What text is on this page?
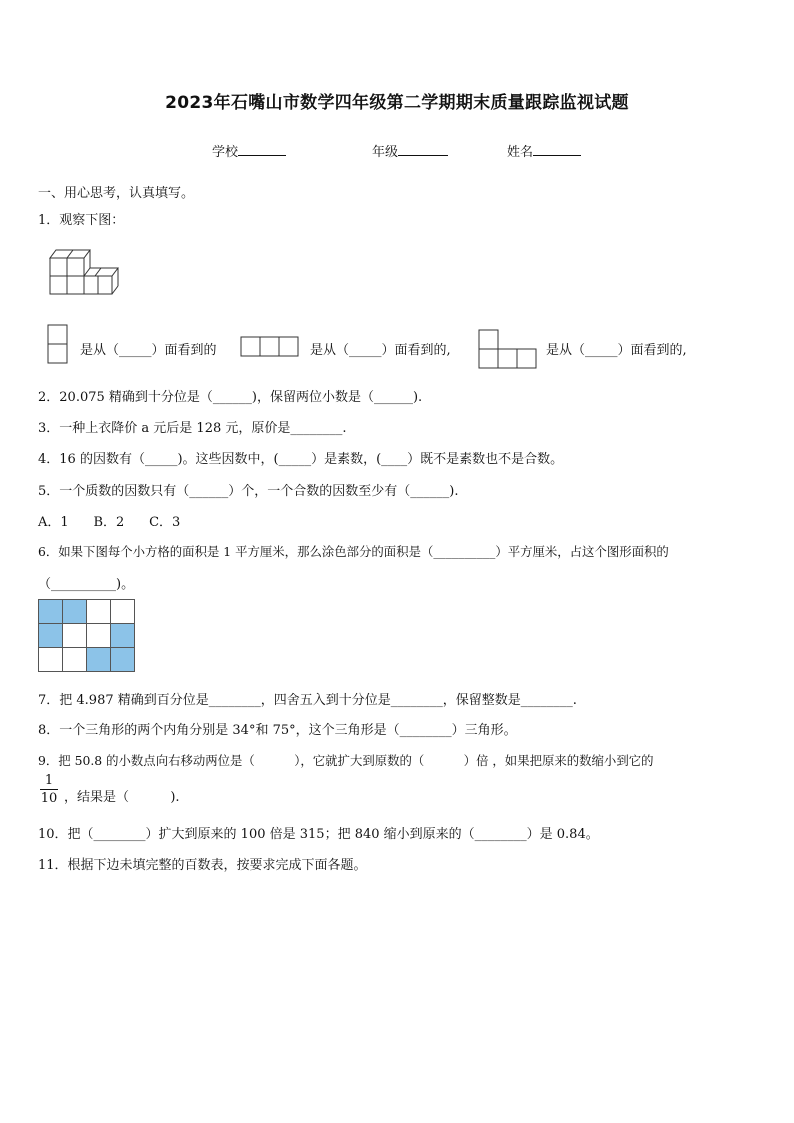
2023年石嘴山市数学四年级第二学期期末质量跟踪监视试题
学校	年级	姓名
一、用心思考，认真填写。
1．观察下图：
是从（_____）面看到的	是从（_____）面看到的,	是从（_____）面看到的,
2．20.075 精确到十分位是（______)，保留两位小数是（______).
3．一种上衣降价 a 元后是 128 元，原价是________.
4．16 的因数有（_____)。这些因数中，(_____）是素数，(____）既不是素数也不是合数。
5．一个质数的因数只有（______）个，一个合数的因数至少有（______).
A．1      B．2      C．3
6．如果下图每个小方格的面积是 1 平方厘米，那么涂色部分的面积是（__________）平方厘米，占这个图形面积的
（__________)。
7．把 4.987 精确到百分位是________，四舍五入到十分位是________，保留整数是________.
8．一个三角形的两个内角分别是 34°和 75°，这个三角形是（________）三角形。
9．把 50.8 的小数点向右移动两位是（          ），它就扩大到原数的（          ）倍 ，如果把原来的数缩小到它的
$\frac{1}{10}$ ，结果是（          ).
10．把（________）扩大到原来的 100 倍是 315；把 840 缩小到原来的（________）是 0.84。
11．根据下边未填完整的百数表，按要求完成下面各题。
